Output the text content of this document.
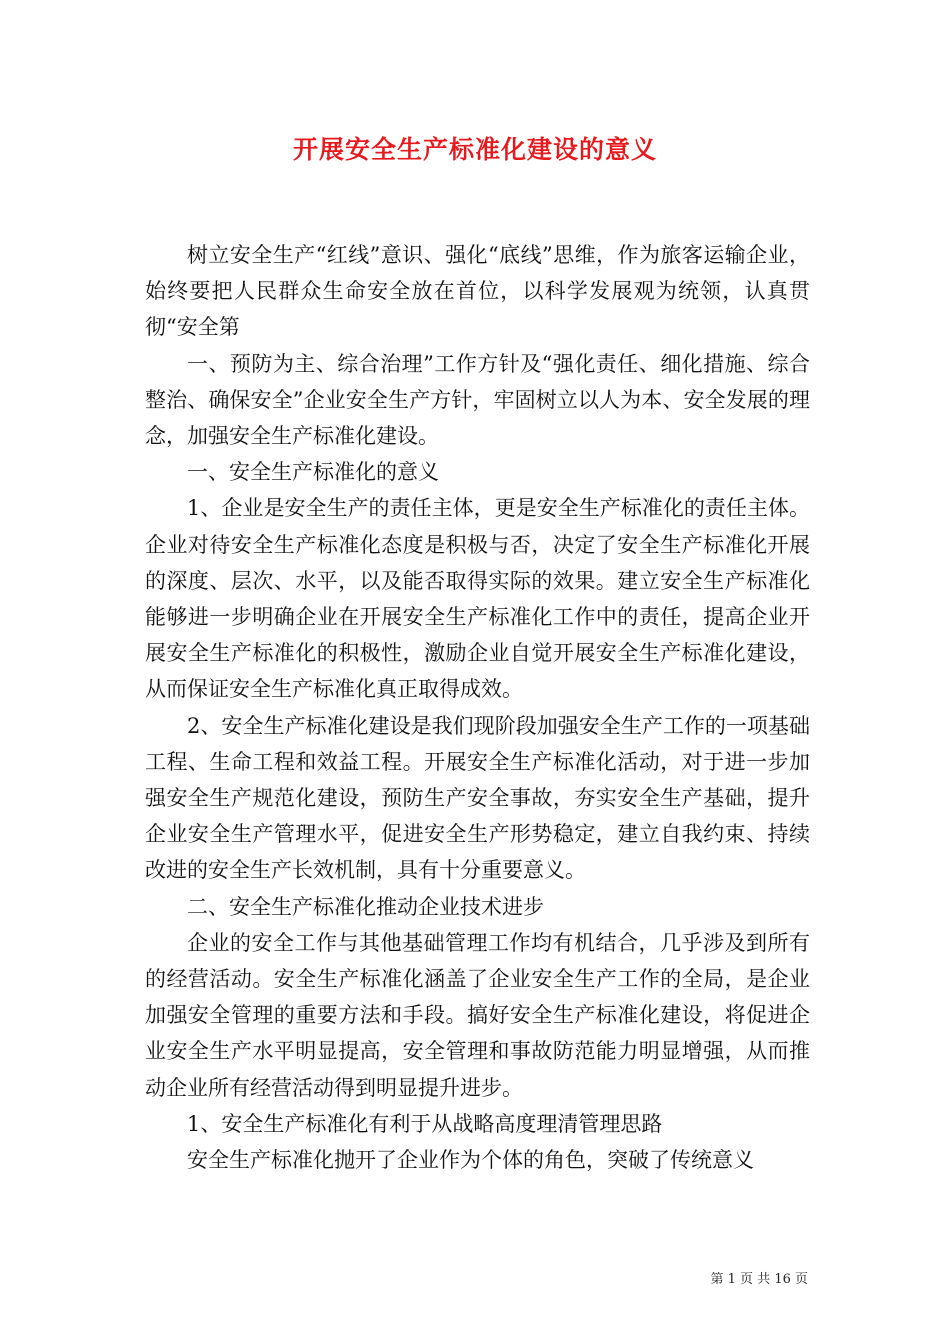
开展安全生产标准化建设的意义

树立安全生产“红线”意识、强化“底线”思维，作为旅客运输企业，始终要把人民群众生命安全放在首位，以科学发展观为统领，认真贯彻“安全第

一、预防为主、综合治理”工作方针及“强化责任、细化措施、综合整治、确保安全”企业安全生产方针，牢固树立以人为本、安全发展的理念，加强安全生产标准化建设。

一、安全生产标准化的意义

1、企业是安全生产的责任主体，更是安全生产标准化的责任主体。企业对待安全生产标准化态度是积极与否，决定了安全生产标准化开展的深度、层次、水平，以及能否取得实际的效果。建立安全生产标准化能够进一步明确企业在开展安全生产标准化工作中的责任，提高企业开展安全生产标准化的积极性，激励企业自觉开展安全生产标准化建设，从而保证安全生产标准化真正取得成效。

2、安全生产标准化建设是我们现阶段加强安全生产工作的一项基础工程、生命工程和效益工程。开展安全生产标准化活动，对于进一步加强安全生产规范化建设，预防生产安全事故，夯实安全生产基础，提升企业安全生产管理水平，促进安全生产形势稳定，建立自我约束、持续改进的安全生产长效机制，具有十分重要意义。

二、安全生产标准化推动企业技术进步

企业的安全工作与其他基础管理工作均有机结合，几乎涉及到所有的经营活动。安全生产标准化涵盖了企业安全生产工作的全局，是企业加强安全管理的重要方法和手段。搞好安全生产标准化建设，将促进企业安全生产水平明显提高，安全管理和事故防范能力明显增强，从而推动企业所有经营活动得到明显提升进步。

1、安全生产标准化有利于从战略高度理清管理思路

安全生产标准化抛开了企业作为个体的角色，突破了传统意义

第 1 页 共 16 页
